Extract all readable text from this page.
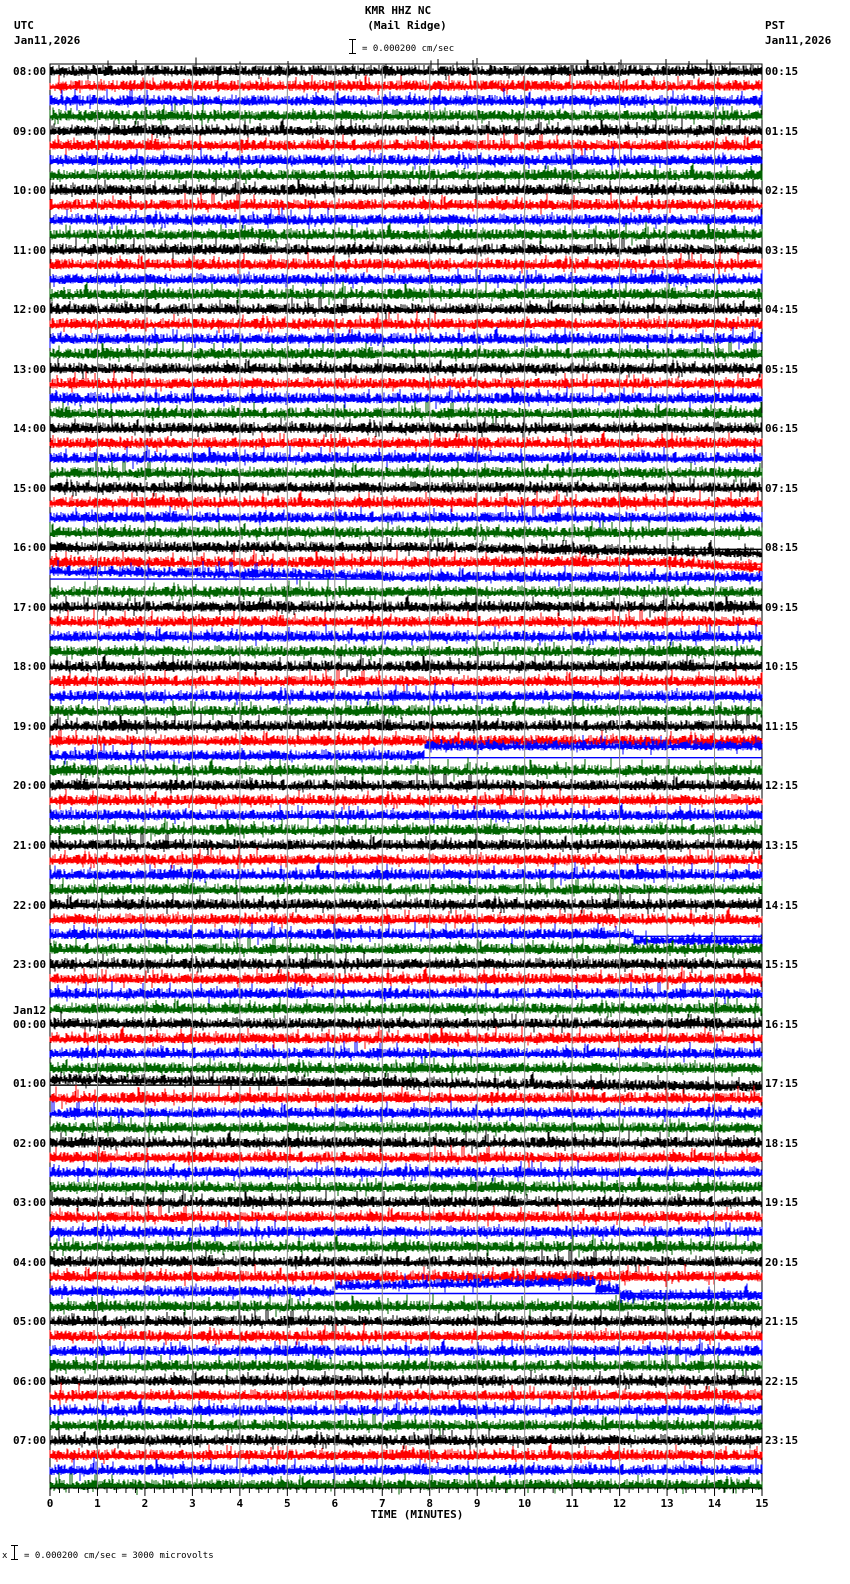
KMR HHZ NC
(Mail Ridge)
UTC
Jan11,2026
PST
Jan11,2026
= 0.000200 cm/sec
0	1	2	3	4	5	6	7	8	9	10	11	12	13	14	15
08:00
09:00
10:00
11:00
12:00
13:00
14:00
15:00
16:00
17:00
18:00
19:00
20:00
21:00
22:00
23:00
00:00
Jan12
01:00
02:00
03:00
04:00
05:00
06:00
07:00
00:15
01:15
02:15
03:15
04:15
05:15
06:15
07:15
08:15
09:15
10:15
11:15
12:15
13:15
14:15
15:15
16:15
17:15
18:15
19:15
20:15
21:15
22:15
23:15
TIME (MINUTES)
x = 0.000200 cm/sec = 3000 microvolts
